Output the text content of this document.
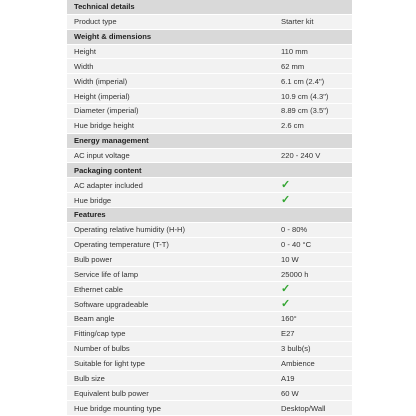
Technical details
Product type	Starter kit
Weight & dimensions
Height	110 mm
Width	62 mm
Width (imperial)	6.1 cm (2.4")
Height (imperial)	10.9 cm (4.3")
Diameter (imperial)	8.89 cm (3.5")
Hue bridge height	2.6 cm
Energy management
AC input voltage	220 - 240 V
Packaging content
AC adapter included	✓
Hue bridge	✓
Features
Operating relative humidity (H-H)	0 - 80%
Operating temperature (T-T)	0 - 40 °C
Bulb power	10 W
Service life of lamp	25000 h
Ethernet cable	✓
Software upgradeable	✓
Beam angle	160°
Fitting/cap type	E27
Number of bulbs	3 bulb(s)
Suitable for light type	Ambience
Bulb size	A19
Equivalent bulb power	60 W
Hue bridge mounting type	Desktop/Wall
